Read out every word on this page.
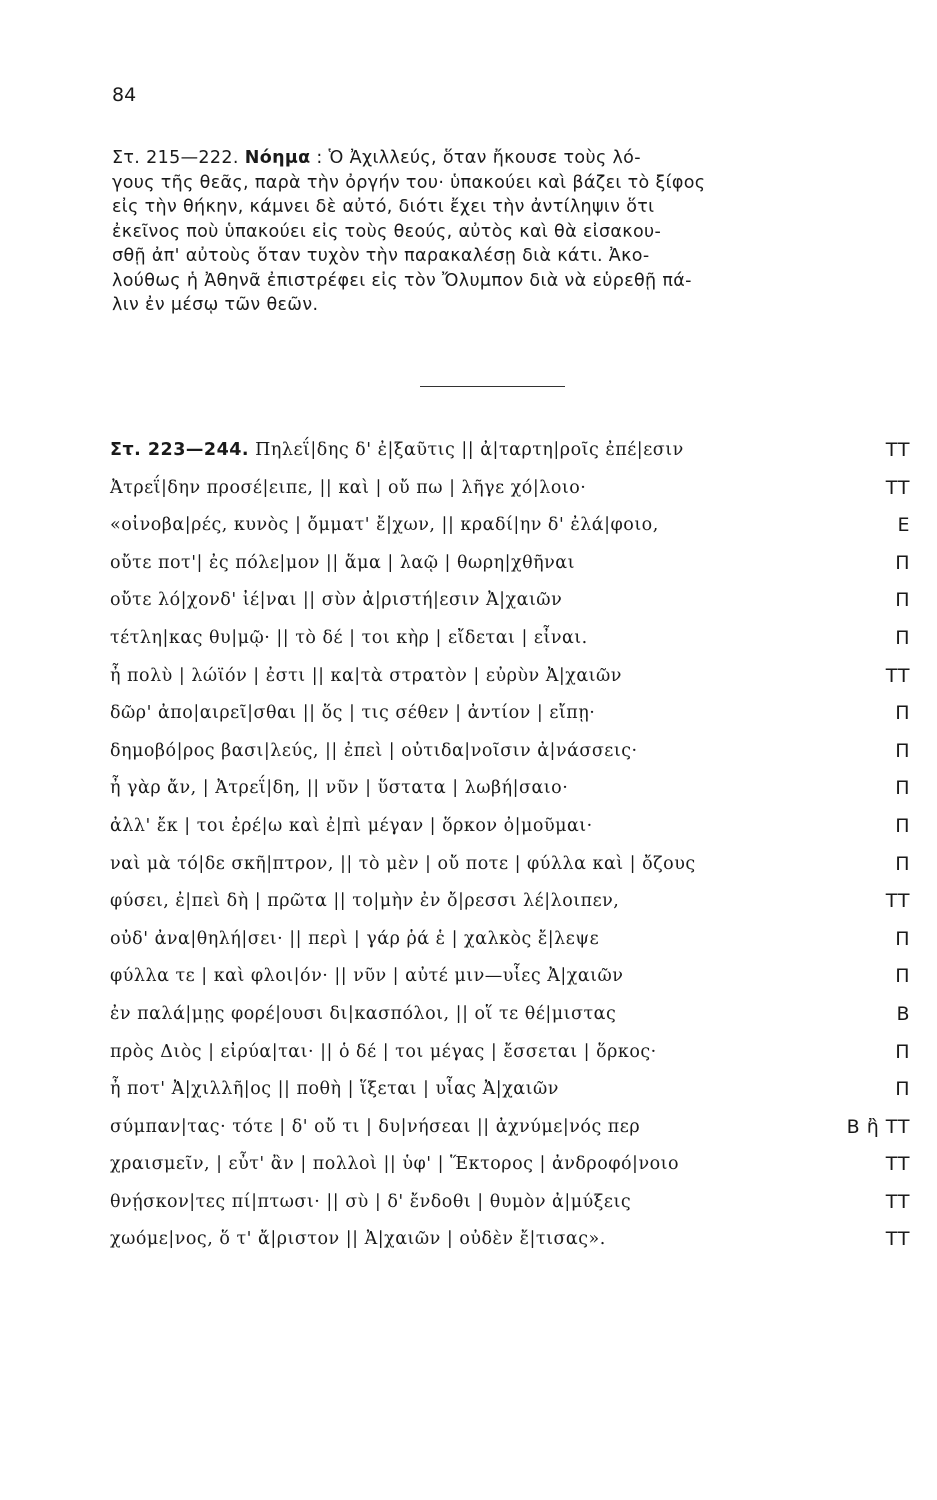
84

Στ. 215—222. Νόημα : Ὁ Ἀχιλλεύς, ὅταν ἤκουσε τοὺς λό-

γους τῆς θεᾶς, παρὰ τὴν ὀργήν του· ὑπακούει καὶ βάζει τὸ ξίφος

εἰς τὴν θήκην, κάμνει δὲ αὐτό, διότι ἔχει τὴν ἀντίληψιν ὅτι

ἐκεῖνος ποὺ ὑπακούει εἰς τοὺς θεούς, αὐτὸς καὶ θὰ εἰσακου-

σθῇ ἀπ' αὐτοὺς ὅταν τυχὸν τὴν παρακαλέσῃ διὰ κάτι. Ἀκο-

λούθως ἡ Ἀθηνᾶ ἐπιστρέφει εἰς τὸν Ὄλυμπον διὰ νὰ εὑρεθῇ πά-

λιν ἐν μέσῳ τῶν θεῶν.

Στ. 223—244. Πηλεΐ|δης δ' ἐ|ξαῦτις || ἀ|ταρτη|ροῖς ἐπέ|εσιν	ΤΤ
Ἀτρεΐ|δην προσέ|ειπε, || καὶ | οὔ πω | λῆγε χό|λοιο·	ΤΤ
«οἰνοβα|ρές, κυνὸς | ὄμματ' ἔ|χων, || κραδί|ην δ' ἐλά|φοιο,	Ε
οὔτε ποτ'| ἐς πόλε|μον || ἅμα | λαῷ | θωρη|χθῆναι	Π
οὔτε λό|χονδ' ἰέ|ναι || σὺν ἀ|ριστή|εσιν Ἀ|χαιῶν	Π
τέτλη|κας θυ|μῷ· || τὸ δέ | τοι κὴρ | εἴδεται | εἶναι.	Π
ἦ πολὺ | λώϊόν | ἐστι || κα|τὰ στρατὸν | εὐρὺν Ἀ|χαιῶν	ΤΤ
δῶρ' ἀπο|αιρεῖ|σθαι || ὅς | τις σέθεν | ἀντίον | εἴπῃ·	Π
δημοβό|ρος βασι|λεύς, || ἐπεὶ | οὐτιδα|νοῖσιν ἀ|νάσσεις·	Π
ἦ γὰρ ἄν, | Ἀτρεΐ|δη, || νῦν | ὕστατα | λωβή|σαιο·	Π
ἀλλ' ἔκ | τοι ἐρέ|ω καὶ ἐ|πὶ μέγαν | ὅρκον ὀ|μοῦμαι·	Π
ναὶ μὰ τό|δε σκῆ|πτρον, || τὸ μὲν | οὔ ποτε | φύλλα καὶ | ὄζους	Π
φύσει, ἐ|πεὶ δὴ | πρῶτα || το|μὴν ἐν ὄ|ρεσσι λέ|λοιπεν,	ΤΤ
οὐδ' ἀνα|θηλή|σει· || περὶ | γάρ ῥά ἑ | χαλκὸς ἔ|λεψε	Π
φύλλα τε | καὶ φλοι|όν· || νῦν | αὐτέ μιν—υἷες Ἀ|χαιῶν	Π
ἐν παλά|μῃς φορέ|ουσι δι|κασπόλοι, || οἵ τε θέ|μιστας	Β
πρὸς Διὸς | εἰρύα|ται· || ὁ δέ | τοι μέγας | ἔσσεται | ὅρκος·	Π
ἦ ποτ' Ἀ|χιλλῆ|ος || ποθὴ | ἵξεται | υἷας Ἀ|χαιῶν	Π
σύμπαν|τας· τότε | δ' οὔ τι | δυ|νήσεαι || ἀχνύμε|νός περ	Β ἢ ΤΤ
χραισμεῖν, | εὖτ' ἂν | πολλοὶ || ὑφ' | Ἕκτορος | ἀνδροφό|νοιο	ΤΤ
θνῄσκον|τες πί|πτωσι· || σὺ | δ' ἔνδοθι | θυμὸν ἀ|μύξεις	ΤΤ
χωόμε|νος, ὅ τ' ἄ|ριστον || Ἀ|χαιῶν | οὐδὲν ἔ|τισας».	ΤΤ
